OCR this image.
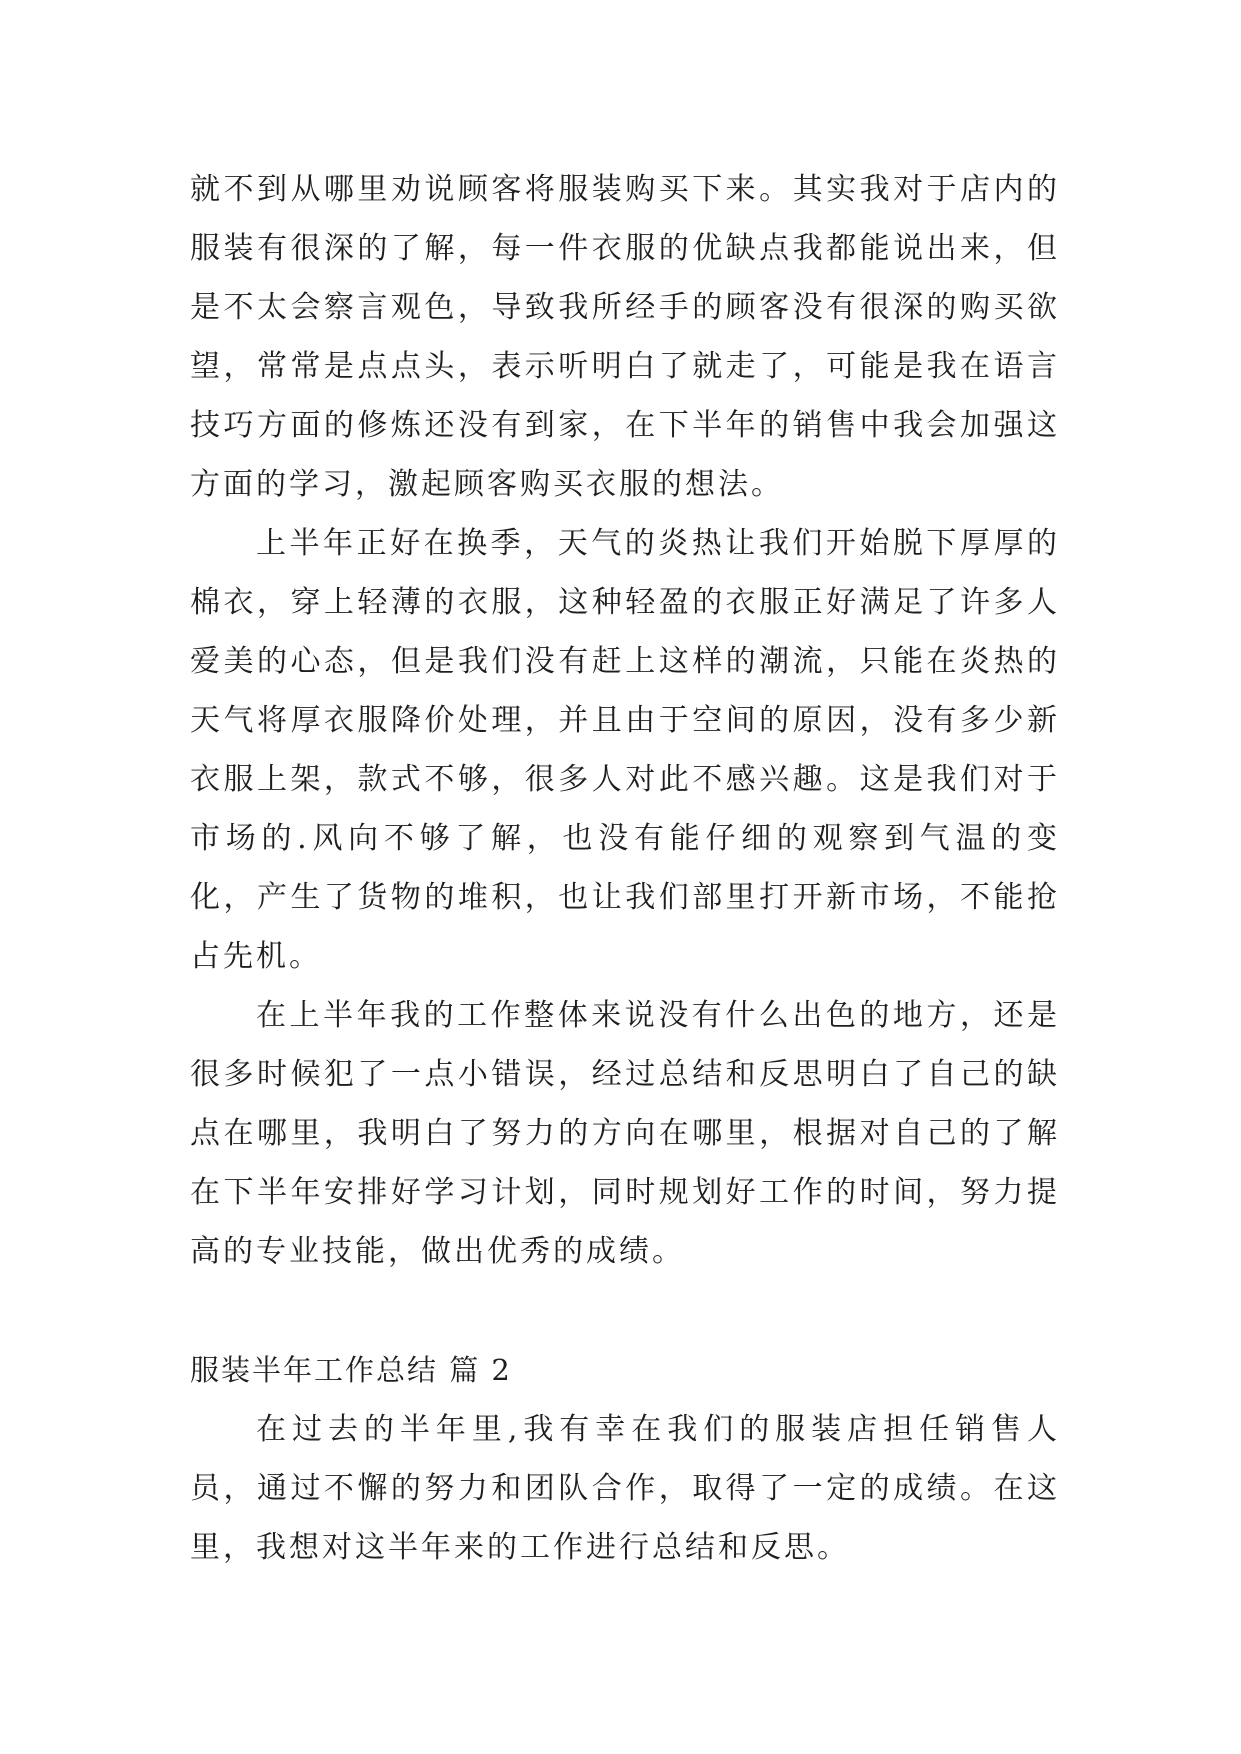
就不到从哪里劝说顾客将服装购买下来。其实我对于店内的服装有很深的了解，每一件衣服的优缺点我都能说出来，但是不太会察言观色，导致我所经手的顾客没有很深的购买欲望，常常是点点头，表示听明白了就走了，可能是我在语言技巧方面的修炼还没有到家，在下半年的销售中我会加强这方面的学习，激起顾客购买衣服的想法。

上半年正好在换季，天气的炎热让我们开始脱下厚厚的棉衣，穿上轻薄的衣服，这种轻盈的衣服正好满足了许多人爱美的心态，但是我们没有赶上这样的潮流，只能在炎热的天气将厚衣服降价处理，并且由于空间的原因，没有多少新衣服上架，款式不够，很多人对此不感兴趣。这是我们对于市场的.风向不够了解，也没有能仔细的观察到气温的变化，产生了货物的堆积，也让我们部里打开新市场，不能抢占先机。

在上半年我的工作整体来说没有什么出色的地方，还是很多时候犯了一点小错误，经过总结和反思明白了自己的缺点在哪里，我明白了努力的方向在哪里，根据对自己的了解在下半年安排好学习计划，同时规划好工作的时间，努力提高的专业技能，做出优秀的成绩。

服装半年工作总结 篇 2

在过去的半年里,我有幸在我们的服装店担任销售人员，通过不懈的努力和团队合作，取得了一定的成绩。在这里，我想对这半年来的工作进行总结和反思。
